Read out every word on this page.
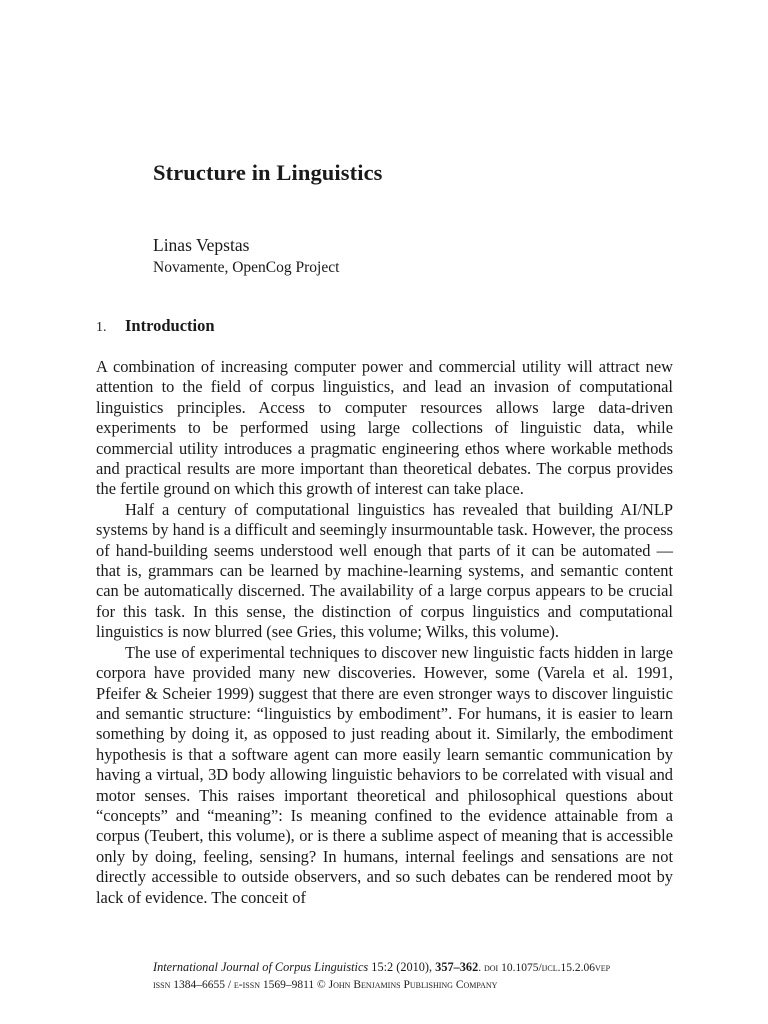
Structure in Linguistics
Linas Vepstas
Novamente, OpenCog Project
1. Introduction

A combination of increasing computer power and commercial utility will attract new attention to the field of corpus linguistics, and lead an invasion of computational linguistics principles. Access to computer resources allows large data-driven experiments to be performed using large collections of linguistic data, while commercial utility introduces a pragmatic engineering ethos where workable methods and practical results are more important than theoretical debates. The corpus provides the fertile ground on which this growth of interest can take place.

Half a century of computational linguistics has revealed that building AI/NLP systems by hand is a difficult and seemingly insurmountable task. However, the process of hand-building seems understood well enough that parts of it can be automated — that is, grammars can be learned by machine-learning systems, and semantic content can be automatically discerned. The availability of a large corpus appears to be crucial for this task. In this sense, the distinction of corpus linguistics and computational linguistics is now blurred (see Gries, this volume; Wilks, this volume).

The use of experimental techniques to discover new linguistic facts hidden in large corpora have provided many new discoveries. However, some (Varela et al. 1991, Pfeifer & Scheier 1999) suggest that there are even stronger ways to discover linguistic and semantic structure: “linguistics by embodiment”. For humans, it is easier to learn something by doing it, as opposed to just reading about it. Similarly, the embodiment hypothesis is that a software agent can more easily learn semantic communication by having a virtual, 3D body allowing linguistic behaviors to be correlated with visual and motor senses. This raises important theoretical and philosophical questions about “concepts” and “meaning”: Is meaning confined to the evidence attainable from a corpus (Teubert, this volume), or is there a sublime aspect of meaning that is accessible only by doing, feeling, sensing? In humans, internal feelings and sensations are not directly accessible to outside observers, and so such debates can be rendered moot by lack of evidence. The conceit of

International Journal of Corpus Linguistics 15:2 (2010), 357–362. doi 10.1075/ijcl.15.2.06vep
issn 1384–6655 / e-issn 1569–9811 © John Benjamins Publishing Company
